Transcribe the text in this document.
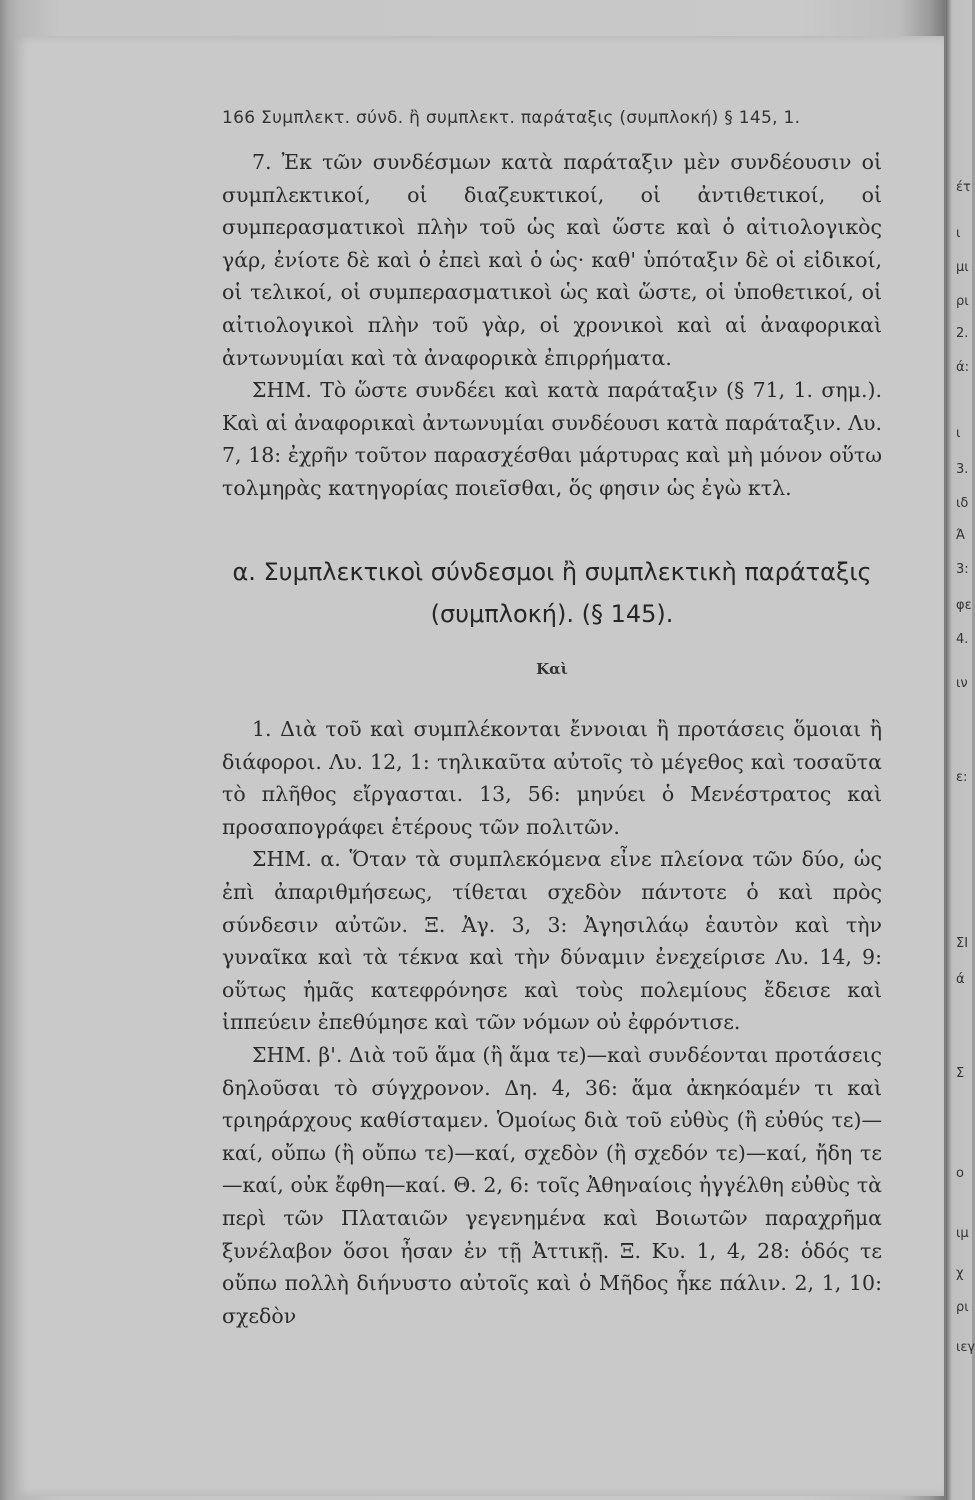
166 Συμπλεκτ. σύνδ. ἢ συμπλεκτ. παράταξις (συμπλοκή) § 145, 1.

7. Ἐκ τῶν συνδέσμων κατὰ παράταξιν μὲν συνδέουσιν οἱ συμπλεκτικοί, οἱ διαζευκτικοί, οἱ ἀντιθετικοί, οἱ συμπερασματικοὶ πλὴν τοῦ ὡς καὶ ὥστε καὶ ὁ αἰτιολογικὸς γάρ, ἐνίοτε δὲ καὶ ὁ ἐπεὶ καὶ ὁ ὡς· καθ' ὑπόταξιν δὲ οἱ εἰδικοί, οἱ τελικοί, οἱ συμπερασματικοὶ ὡς καὶ ὥστε, οἱ ὑποθετικοί, οἱ αἰτιολογικοὶ πλὴν τοῦ γὰρ, οἱ χρονικοὶ καὶ αἱ ἀναφορικαὶ ἀντωνυμίαι καὶ τὰ ἀναφορικὰ ἐπιρρήματα.

ΣΗΜ. Τὸ ὥστε συνδέει καὶ κατὰ παράταξιν (§ 71, 1. σημ.). Καὶ αἱ ἀναφορικαὶ ἀντωνυμίαι συνδέουσι κατὰ παράταξιν. Λυ. 7, 18: ἐχρῆν τοῦτον παρασχέσθαι μάρτυρας καὶ μὴ μόνον οὕτω τολμηρὰς κατηγορίας ποιεῖσθαι, ὅς φησιν ὡς ἐγὼ κτλ.

α. Συμπλεκτικοὶ σύνδεσμοι ἢ συμπλεκτικὴ παράταξις
(συμπλοκή). (§ 145).
Καὶ

1. Διὰ τοῦ καὶ συμπλέκονται ἔννοιαι ἢ προτάσεις ὅμοιαι ἢ διάφοροι. Λυ. 12, 1: τηλικαῦτα αὐτοῖς τὸ μέγεθος καὶ τοσαῦτα τὸ πλῆθος εἴργασται. 13, 56: μηνύει ὁ Μενέστρατος καὶ προσαπογράφει ἑτέρους τῶν πολιτῶν.

ΣΗΜ. α. Ὅταν τὰ συμπλεκόμενα εἶνε πλείονα τῶν δύο, ὡς ἐπὶ ἀπαριθμήσεως, τίθεται σχεδὸν πάντοτε ὁ καὶ πρὸς σύνδεσιν αὐτῶν. Ξ. Ἀγ. 3, 3: Ἀγησιλάῳ ἑαυτὸν καὶ τὴν γυναῖκα καὶ τὰ τέκνα καὶ τὴν δύναμιν ἐνεχείρισε Λυ. 14, 9: οὕτως ἡμᾶς κατεφρόνησε καὶ τοὺς πολεμίους ἔδεισε καὶ ἱππεύειν ἐπεθύμησε καὶ τῶν νόμων οὐ ἐφρόντισε.

ΣΗΜ. β'. Διὰ τοῦ ἅμα (ἢ ἅμα τε)—καὶ συνδέονται προτάσεις δηλοῦσαι τὸ σύγχρονον. Δη. 4, 36: ἅμα ἀκηκόαμέν τι καὶ τριηράρχους καθίσταμεν. Ὁμοίως διὰ τοῦ εὐθὺς (ἢ εὐθύς τε)—καί, οὔπω (ἢ οὔπω τε)—καί, σχεδὸν (ἢ σχεδόν τε)—καί, ἤδη τε—καί, οὐκ ἔφθη—καί. Θ. 2, 6: τοῖς Ἀθηναίοις ἠγγέλθη εὐθὺς τὰ περὶ τῶν Πλαταιῶν γεγενημένα καὶ Βοιωτῶν παραχρῆμα ξυνέλαβον ὅσοι ἦσαν ἐν τῇ Ἀττικῇ. Ξ. Κυ. 1, 4, 28: ὁδός τε οὔπω πολλὴ διήνυστο αὐτοῖς καὶ ὁ Μῆδος ἧκε πάλιν. 2, 1, 10: σχεδὸν

έτ
ι
μι
ρι
2.
ά:
ι
3.
ιδ
Ά
3:
φε
4.
ιν
ε:
ΣΙ
ά
Σ
ο
ιμ
χ
ρι
ιεγ
